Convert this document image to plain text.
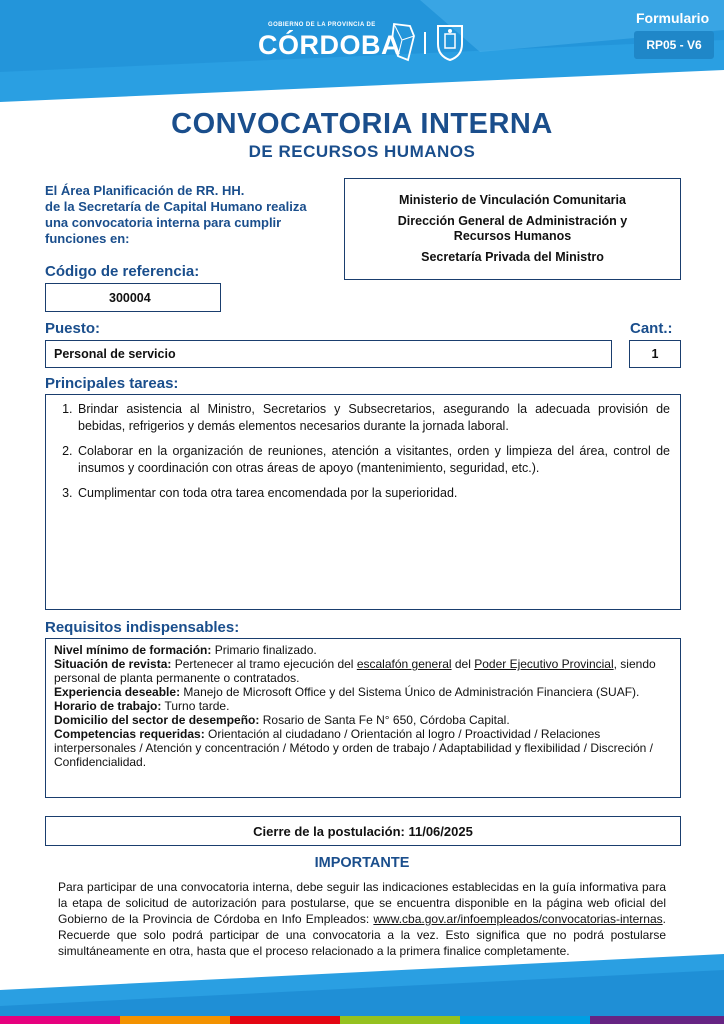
GOBIERNO DE LA PROVINCIA DE
CÓRDOBA
Formulario
RP05 - V6
CONVOCATORIA INTERNA
DE RECURSOS HUMANOS
El Área Planificación de RR. HH.
de la Secretaría de Capital Humano realiza
una convocatoria interna para cumplir
funciones en:
Ministerio de Vinculación Comunitaria
Dirección General de Administración y Recursos Humanos
Secretaría Privada del Ministro
Código de referencia:
300004
Puesto:
Personal de servicio
Cant.:
1
Principales tareas:
1. Brindar asistencia al Ministro, Secretarios y Subsecretarios, asegurando la adecuada provisión de bebidas, refrigerios y demás elementos necesarios durante la jornada laboral.
2. Colaborar en la organización de reuniones, atención a visitantes, orden y limpieza del área, control de insumos y coordinación con otras áreas de apoyo (mantenimiento, seguridad, etc.).
3. Cumplimentar con toda otra tarea encomendada por la superioridad.
Requisitos indispensables:

Nivel mínimo de formación: Primario finalizado.

Situación de revista: Pertenecer al tramo ejecución del escalafón general del Poder Ejecutivo Provincial, siendo personal de planta permanente o contratados.

Experiencia deseable: Manejo de Microsoft Office y del Sistema Único de Administración Financiera (SUAF).

Horario de trabajo: Turno tarde.

Domicilio del sector de desempeño: Rosario de Santa Fe N° 650, Córdoba Capital.

Competencias requeridas: Orientación al ciudadano / Orientación al logro / Proactividad / Relaciones interpersonales / Atención y concentración / Método y orden de trabajo / Adaptabilidad y flexibilidad / Discreción / Confidencialidad.

Cierre de la postulación: 11/06/2025
IMPORTANTE
Para participar de una convocatoria interna, debe seguir las indicaciones establecidas en la guía informativa para la etapa de solicitud de autorización para postularse, que se encuentra disponible en la página web oficial del Gobierno de la Provincia de Córdoba en Info Empleados: www.cba.gov.ar/infoempleados/convocatorias-internas. Recuerde que solo podrá participar de una convocatoria a la vez. Esto significa que no podrá postularse simultáneamente en otra, hasta que el proceso relacionado a la primera finalice completamente.
